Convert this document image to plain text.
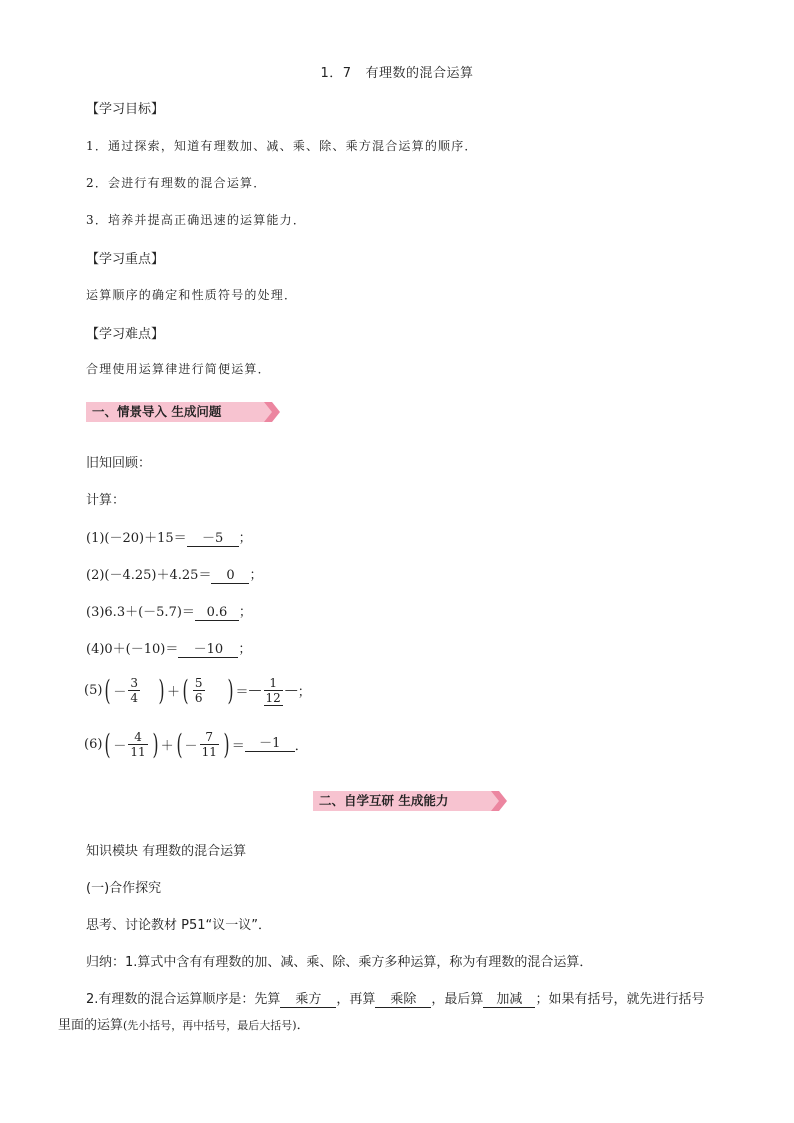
1．7 有理数的混合运算
【学习目标】
1．通过探索，知道有理数加、减、乘、除、乘方混合运算的顺序．
2．会进行有理数的混合运算．
3．培养并提高正确迅速的运算能力．
【学习重点】
运算顺序的确定和性质符号的处理．
【学习难点】
合理使用运算律进行简便运算．
一、情景导入 生成问题
旧知回顾：
计算：
(1)(－20)＋15＝ －5 ；
(2)(－4.25)＋4.25＝ 0 ；
(3)6.3＋(－5.7)＝ 0.6 ；
(4)0＋(－10)＝ －10 ；
$(5)( - \frac{3}{4}$ ) ＋( $\frac{5}{6}$ ) ＝— $\frac{1}{12}$ —；
$(6)( - \frac{4}{11}$ ) ＋( － $\frac{7}{11}$ ) ＝ －1 ．
二、自学互研 生成能力
知识模块 有理数的混合运算
(一)合作探究
思考、讨论教材 P51“议一议”．
归纳：1.算式中含有有理数的加、减、乘、除、乘方多种运算，称为有理数的混合运算．
2.有理数的混合运算顺序是：先算 乘方 ，再算 乘除 ，最后算 加减 ；如果有括号，就先进行括号
里面的运算(先小括号，再中括号，最后大括号)．
